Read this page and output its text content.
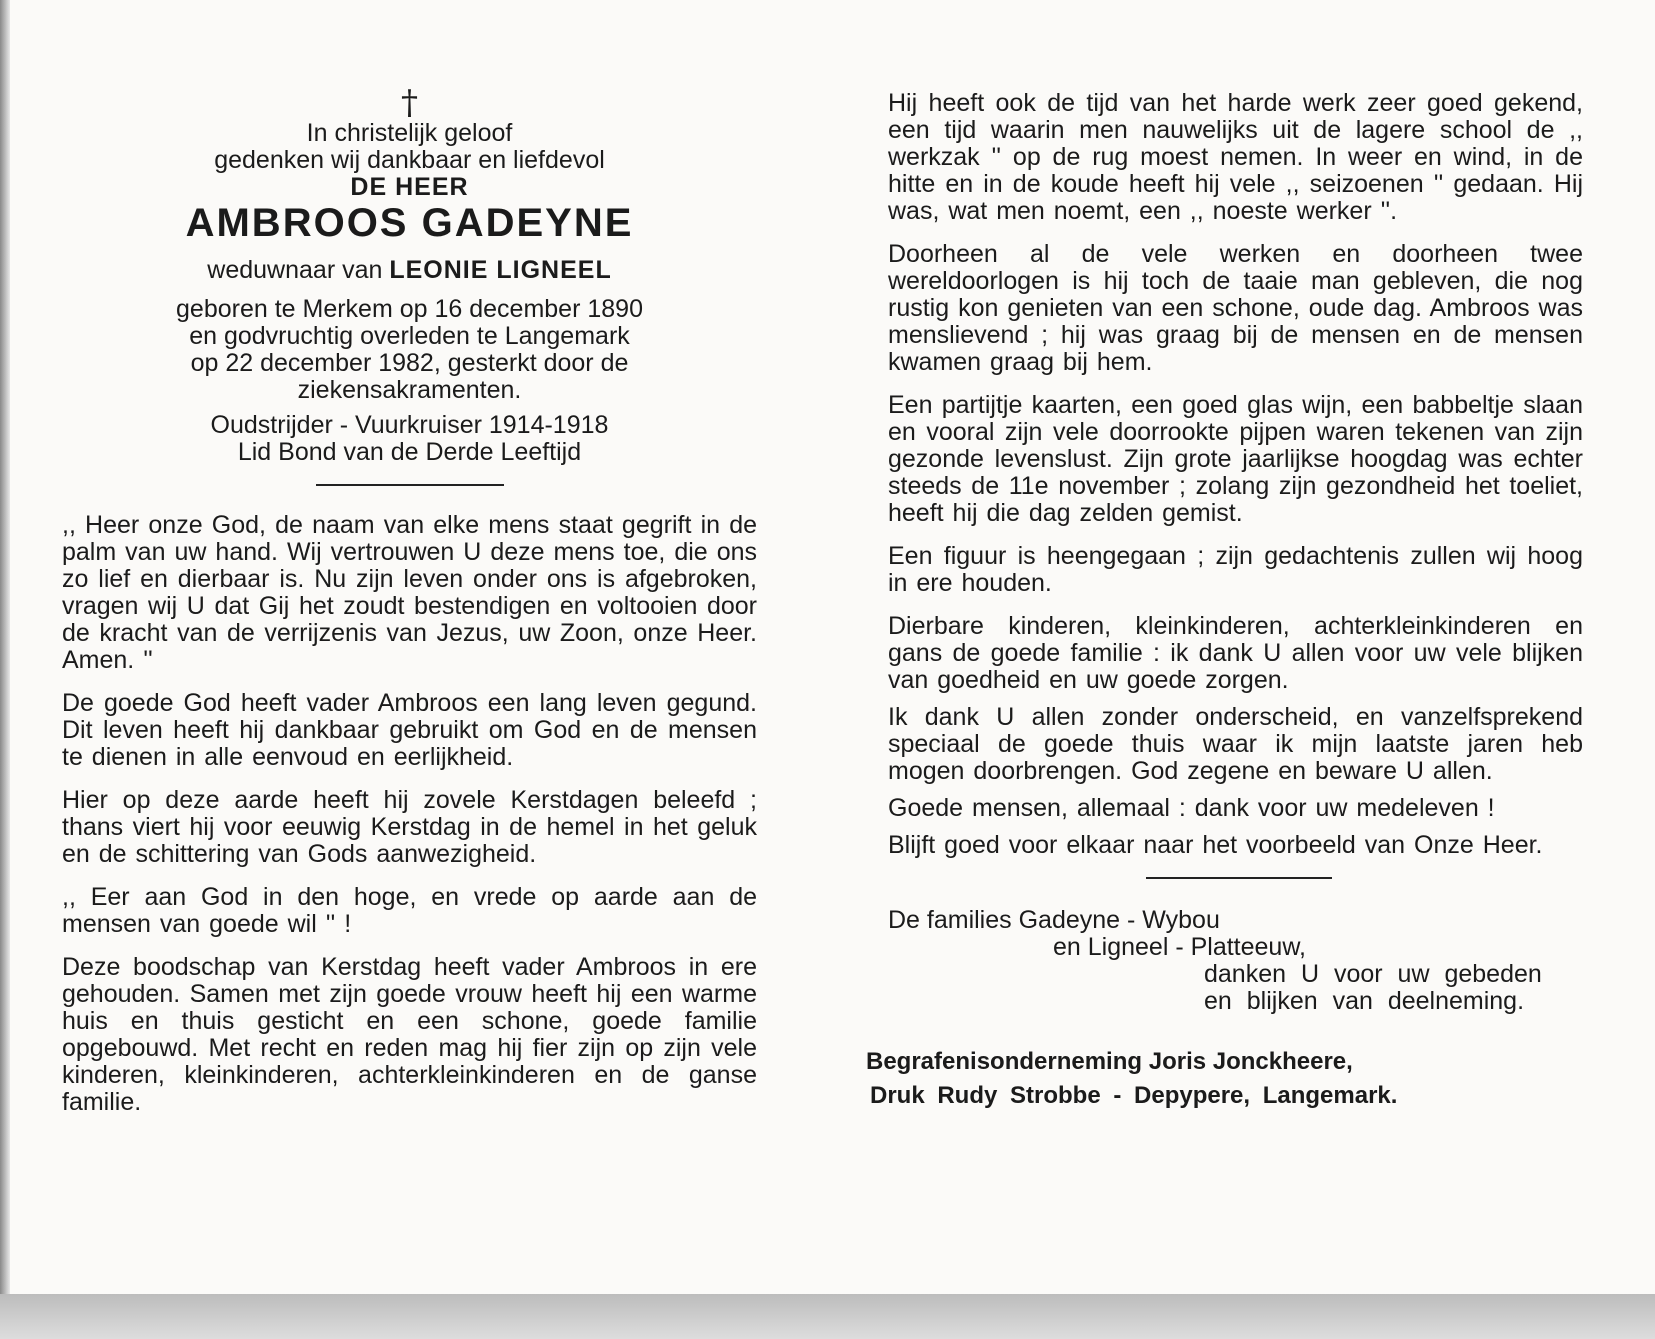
†
In christelijk geloof
gedenken wij dankbaar en liefdevol
DE HEER
AMBROOS GADEYNE
weduwnaar van LEONIE LIGNEEL
geboren te Merkem op 16 december 1890
en godvruchtig overleden te Langemark
op 22 december 1982, gesterkt door de
ziekensakramenten.
Oudstrijder - Vuurkruiser 1914-1918
Lid Bond van de Derde Leeftijd

,, Heer onze God, de naam van elke mens staat gegrift in de palm van uw hand. Wij vertrouwen U deze mens toe, die ons zo lief en dierbaar is. Nu zijn leven onder ons is afgebroken, vragen wij U dat Gij het zoudt bestendigen en voltooien door de kracht van de verrijzenis van Jezus, uw Zoon, onze Heer. Amen. ''

De goede God heeft vader Ambroos een lang leven gegund. Dit leven heeft hij dankbaar gebruikt om God en de mensen te dienen in alle eenvoud en eerlijkheid.

Hier op deze aarde heeft hij zovele Kerstdagen beleefd ; thans viert hij voor eeuwig Kerstdag in de hemel in het geluk en de schittering van Gods aanwezigheid.

,, Eer aan God in den hoge, en vrede op aarde aan de mensen van goede wil '' !

Deze boodschap van Kerstdag heeft vader Ambroos in ere gehouden. Samen met zijn goede vrouw heeft hij een warme huis en thuis gesticht en een schone, goede familie opgebouwd. Met recht en reden mag hij fier zijn op zijn vele kinderen, kleinkinderen, achterkleinkinderen en de ganse familie.

Hij heeft ook de tijd van het harde werk zeer goed gekend, een tijd waarin men nauwelijks uit de lagere school de ,, werkzak '' op de rug moest nemen. In weer en wind, in de hitte en in de koude heeft hij vele ,, seizoenen '' gedaan. Hij was, wat men noemt, een ,, noeste werker ''.

Doorheen al de vele werken en doorheen twee wereldoorlogen is hij toch de taaie man gebleven, die nog rustig kon genieten van een schone, oude dag. Ambroos was menslievend ; hij was graag bij de mensen en de mensen kwamen graag bij hem.

Een partijtje kaarten, een goed glas wijn, een babbeltje slaan en vooral zijn vele doorrookte pijpen waren tekenen van zijn gezonde levenslust. Zijn grote jaarlijkse hoogdag was echter steeds de 11e november ; zolang zijn gezondheid het toeliet, heeft hij die dag zelden gemist.

Een figuur is heengegaan ; zijn gedachtenis zullen wij hoog in ere houden.

Dierbare kinderen, kleinkinderen, achterkleinkinderen en gans de goede familie : ik dank U allen voor uw vele blijken van goedheid en uw goede zorgen.

Ik dank U allen zonder onderscheid, en vanzelfsprekend speciaal de goede thuis waar ik mijn laatste jaren heb mogen doorbrengen. God zegene en beware U allen.

Goede mensen, allemaal : dank voor uw medeleven !

Blijft goed voor elkaar naar het voorbeeld van Onze Heer.

De families Gadeyne - Wybou

en Ligneel - Platteeuw,

danken U voor uw gebeden

en blijken van deelneming.

Begrafenisonderneming Joris Jonckheere,
Druk Rudy Strobbe - Depypere, Langemark.
